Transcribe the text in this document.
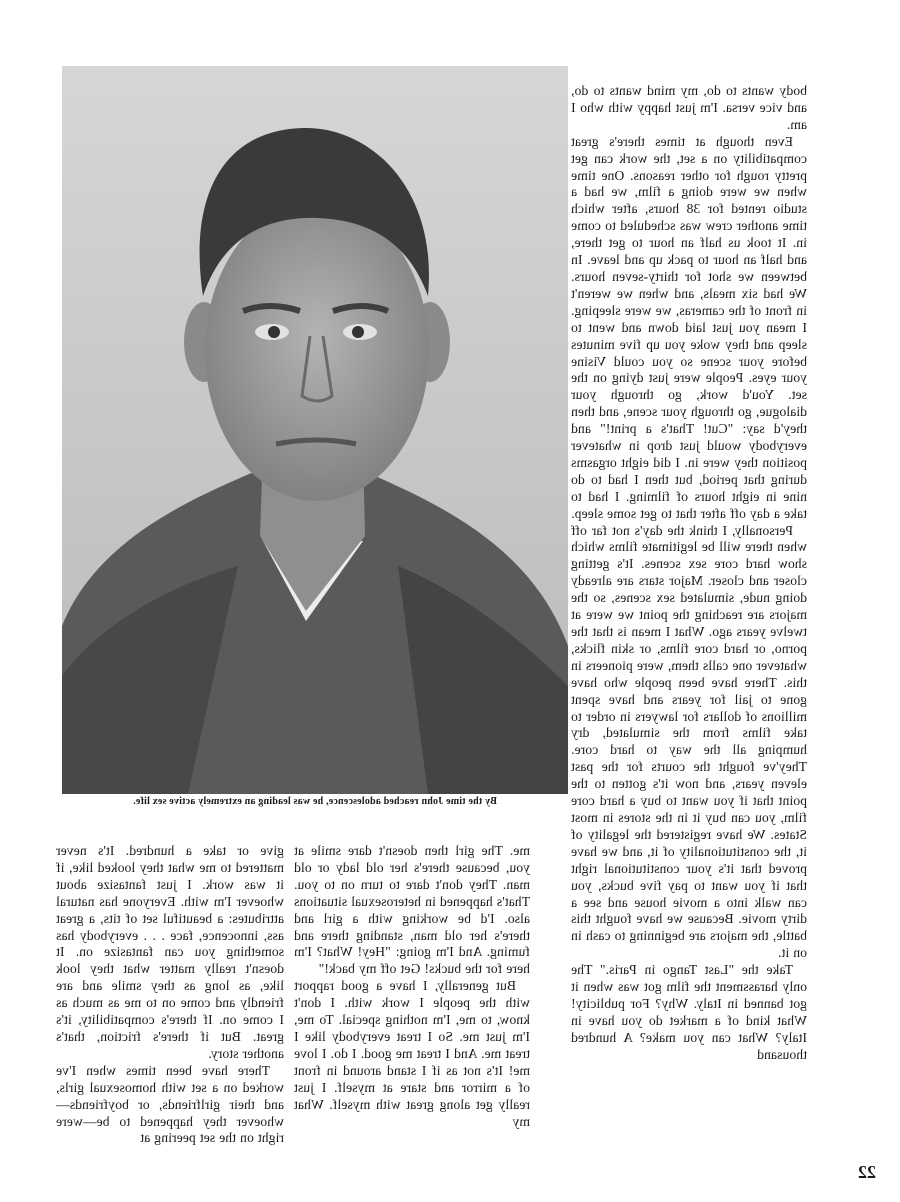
body wants to do, my mind wants to do, and vice versa. I'm just happy with who I am.

Even though at times there's great compatibility on a set, the work can get pretty rough for other reasons. One time when we were doing a film, we had a studio rented for 38 hours, after which time another crew was scheduled to come in. It took us half an hour to get there, and half an hour to pack up and leave. In between we shot for thirty-seven hours. We had six meals, and when we weren't in front of the cameras, we were sleeping. I mean you just laid down and went to sleep and they woke you up five minutes before your scene so you could Visine your eyes. People were just dying on the set. You'd work, go through your dialogue, go through your scene, and then they'd say: "Cut! That's a print!" and everybody would just drop in whatever position they were in. I did eight orgasms during that period, but then I had to do nine in eight hours of filming. I had to take a day off after that to get some sleep.

Personally, I think the day's not far off when there will be legitimate films which show hard core sex scenes. It's getting closer and closer. Major stars are already doing nude, simulated sex scenes, so the majors are reaching the point we were at twelve years ago. What I mean is that the porno, or hard core films, or skin flicks, whatever one calls them, were pioneers in this. There have been people who have gone to jail for years and have spent millions of dollars for lawyers in order to take films from the simulated, dry humping all the way to hard core. They've fought the courts for the past eleven years, and now it's gotten to the point that if you want to buy a hard core film, you can buy it in the stores in most States. We have registered the legality of it, the constitutionality of it, and we have proved that it's your constitutional right that if you want to pay five bucks, you can walk into a movie house and see a dirty movie. Because we have fought this battle, the majors are beginning to cash in on it.

Take the "Last Tango in Paris." The only harassment the film got was when it got banned in Italy. Why? For publicity! What kind of a market do you have in Italy? What can you make? A hundred thousand

By the time John reached adolescence, he was leading an extremely active sex life.

me. The girl then doesn't dare smile at you, because there's her old lady or old man. They don't dare to turn on to you. That's happened in heterosexual situations also. I'd be working with a girl and there's her old man, standing there and fuming. And I'm going: "Hey! What? I'm here for the bucks! Get off my back!"

But generally, I have a good rapport with the people I work with. I don't know, to me, I'm nothing special. To me, I'm just me. So I treat everybody like I treat me. And I treat me good. I do. I love me! It's not as if I stand around in front of a mirror and stare at myself. I just really get along great with myself. What my

give or take a hundred. It's never mattered to me what they looked like, if it was work. I just fantasize about whoever I'm with. Everyone has natural attributes: a beautiful set of tits, a great ass, innocence, face . . . everybody has something you can fantasize on. It doesn't really matter what they look like, as long as they smile and are friendly and come on to me as much as I come on. If there's compatibility, it's great. But if there's friction, that's another story.

There have been times when I've worked on a set with homosexual girls, and their girlfriends, or boyfriends—whoever they happened to be—were right on the set peering at

22
